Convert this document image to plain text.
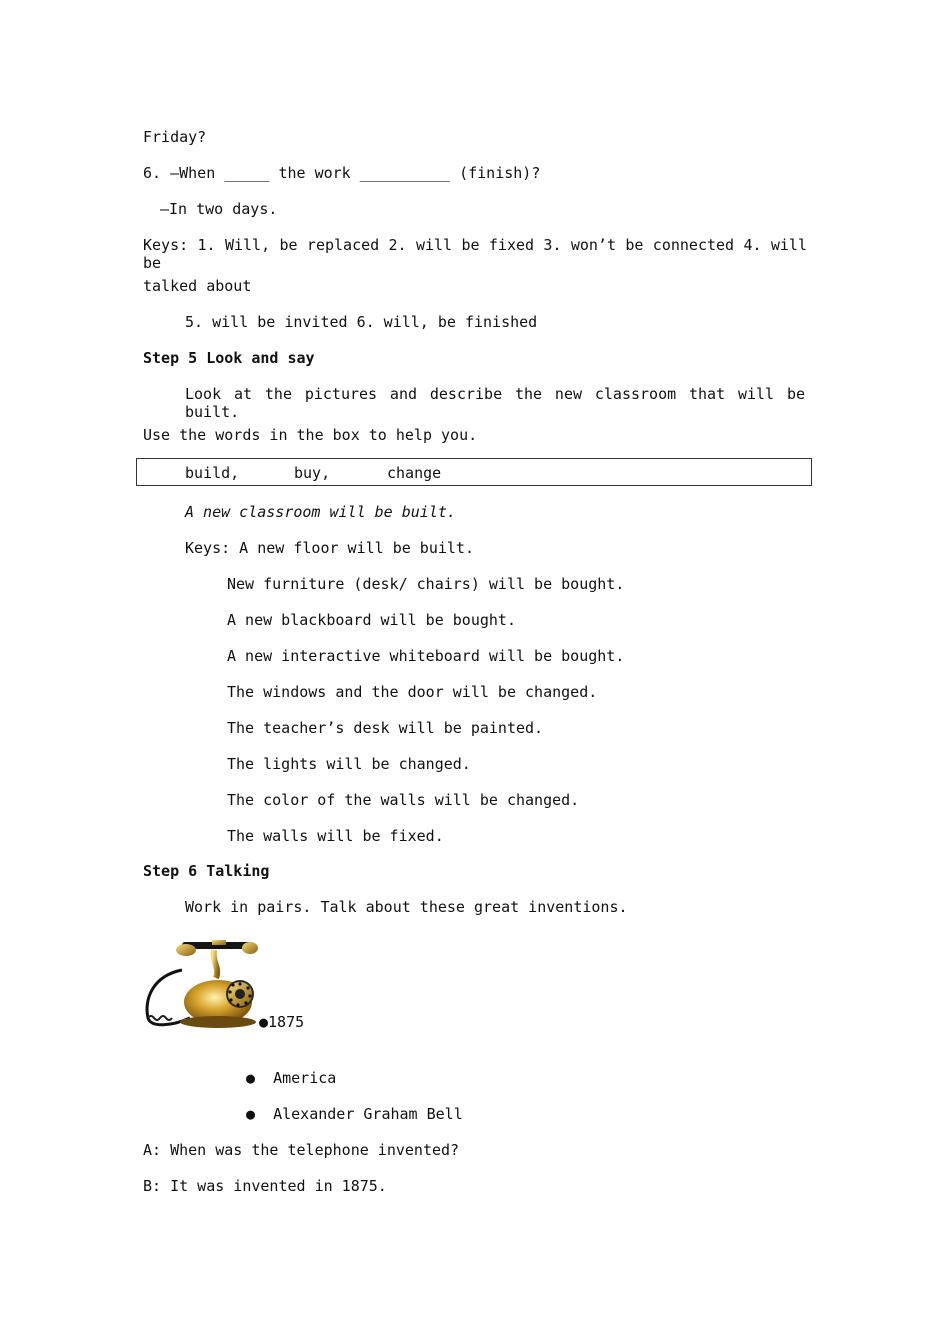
Friday?
6. —When _____ the work __________ (finish)?
—In two days.
Keys: 1. Will, be replaced 2. will be fixed 3. won’t be connected 4. will be
talked about
5. will be invited 6. will, be finished
Step 5 Look and say
Look at the pictures and describe the new classroom that will be built.
Use the words in the box to help you.
build,	buy,	change
A new classroom will be built.
Keys: A new floor will be built.
New furniture (desk/ chairs) will be bought.
A new blackboard will be bought.
A new interactive whiteboard will be bought.
The windows and the door will be changed.
The teacher’s desk will be painted.
The lights will be changed.
The color of the walls will be changed.
The walls will be fixed.
Step 6 Talking
Work in pairs. Talk about these great inventions.
●1875
●  America
●  Alexander Graham Bell
A: When was the telephone invented?
B: It was invented in 1875.
